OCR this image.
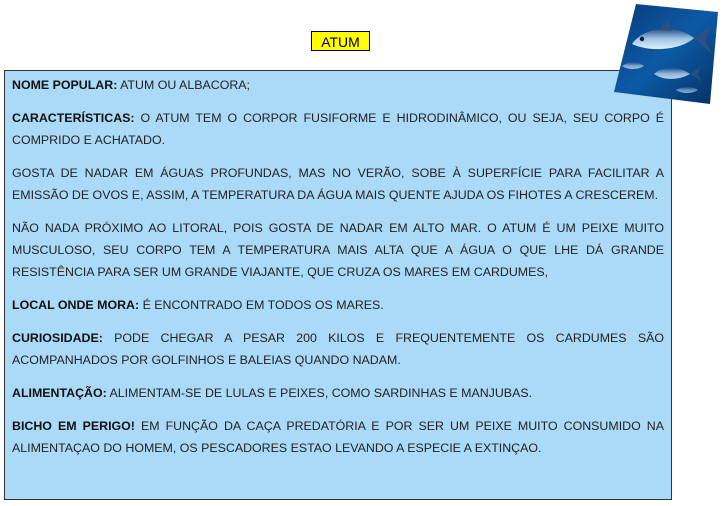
ATUM

NOME POPULAR: ATUM OU ALBACORA;

CARACTERÍSTICAS: O ATUM TEM O CORPOR FUSIFORME E HIDRODINÂMICO, OU SEJA, SEU CORPO É COMPRIDO E ACHATADO.

GOSTA DE NADAR EM ÁGUAS PROFUNDAS, MAS NO VERÃO, SOBE À SUPERFÍCIE PARA FACILITAR A EMISSÃO DE OVOS E, ASSIM, A TEMPERATURA DA ÁGUA MAIS QUENTE AJUDA OS FIHOTES A CRESCEREM.

NÃO NADA PRÓXIMO AO LITORAL, POIS GOSTA DE NADAR EM ALTO MAR. O ATUM É UM PEIXE MUITO MUSCULOSO, SEU CORPO TEM A TEMPERATURA MAIS ALTA QUE A ÁGUA O QUE LHE DÁ GRANDE RESISTÊNCIA PARA SER UM GRANDE VIAJANTE, QUE CRUZA OS MARES EM CARDUMES,

LOCAL ONDE MORA: É ENCONTRADO EM TODOS OS MARES.

CURIOSIDADE: PODE CHEGAR A PESAR 200 KILOS E FREQUENTEMENTE OS CARDUMES SÃO ACOMPANHADOS POR GOLFINHOS E BALEIAS QUANDO NADAM.

ALIMENTAÇÃO: ALIMENTAM-SE DE LULAS E PEIXES, COMO SARDINHAS E MANJUBAS.

BICHO EM PERIGO! EM FUNÇÃO DA CAÇA PREDATÓRIA E POR SER UM PEIXE MUITO CONSUMIDO NA ALIMENTAÇAO DO HOMEM, OS PESCADORES ESTAO LEVANDO A ESPECIE A EXTINÇAO.
